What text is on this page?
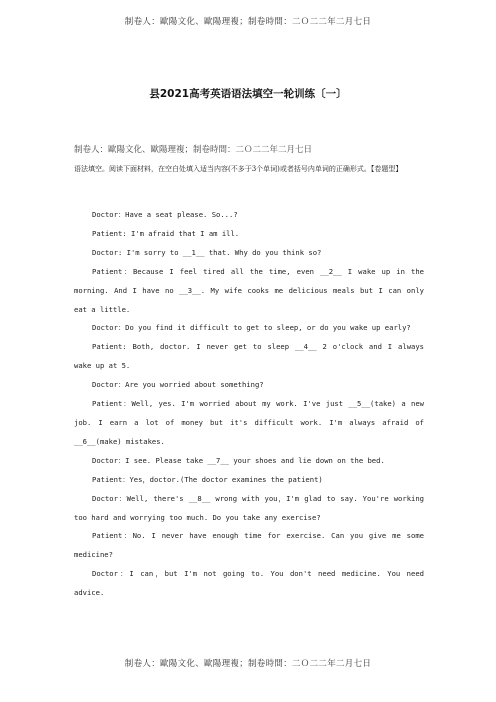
制卷人：歐陽文化、歐陽理複；制卷時間：二Ｏ二二年二月七日
县2021高考英语语法填空一轮训练〔一〕
制卷人：歐陽文化、歐陽理複；制卷時間：二Ｏ二二年二月七日
语法填空。阅读下面材料，在空白处填入适当内容(不多于3个单词)或者括号内单词的正确形式。【卷题型】

Doctor：Have a seat please. So...?

Patient: I'm afraid that I am ill.

Doctor: I'm sorry to __1__ that. Why do you think so?

Patient：Because I feel tired all the time, even __2__ I wake up in the morning. And I have no __3__. My wife cooks me delicious meals but I can only eat a little.

Doctor：Do you find it difficult to get to sleep, or do you wake up early?

Patient: Both, doctor. I never get to sleep __4__ 2 o'clock and I always wake up at 5.

Doctor：Are you worried about something?

Patient：Well, yes. I'm worried about my work. I've just __5__(take) a new job. I earn a lot of money but it's difficult work. I'm always afraid of __6__(make) mistakes.

Doctor：I see. Please take __7__ your shoes and lie down on the bed.

Patient：Yes，doctor.(The doctor examines the patient)

Doctor：Well, there's __8__ wrong with you，I'm glad to say. You're working too hard and worrying too much. Do you take any exercise?

Patient：No. I never have enough time for exercise. Can you give me some medicine?

Doctor：I can，but I'm not going to. You don't need medicine. You need advice.

制卷人：歐陽文化、歐陽理複；制卷時間：二Ｏ二二年二月七日
